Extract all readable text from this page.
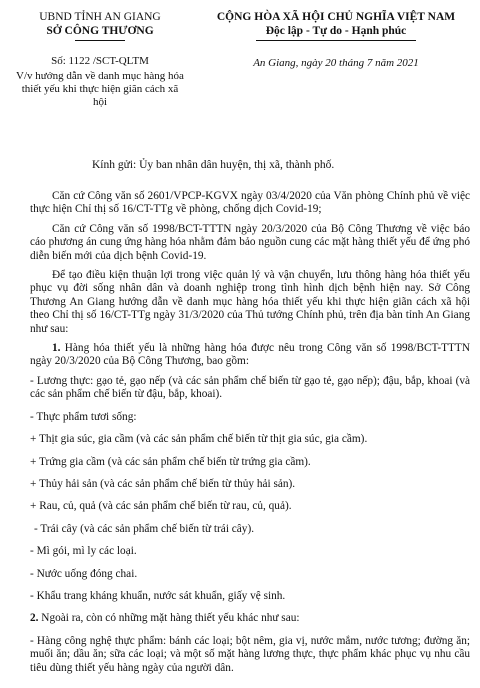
UBND TỈNH AN GIANG
SỞ CÔNG THƯƠNG
Số: 1122 /SCT-QLTM
V/v hướng dẫn về danh mục hàng hóa thiết yếu khi thực hiện giãn cách xã hội
CỘNG HÒA XÃ HỘI CHỦ NGHĨA VIỆT NAM
Độc lập - Tự do - Hạnh phúc
An Giang, ngày 20 tháng 7 năm 2021
Kính gửi: Ủy ban nhân dân huyện, thị xã, thành phố.

Căn cứ Công văn số 2601/VPCP-KGVX ngày 03/4/2020 của Văn phòng Chính phủ về việc thực hiện Chỉ thị số 16/CT-TTg về phòng, chống dịch Covid-19;

Căn cứ Công văn số 1998/BCT-TTTN ngày 20/3/2020 của Bộ Công Thương về việc báo cáo phương án cung ứng hàng hóa nhằm đảm bảo nguồn cung các mặt hàng thiết yếu để ứng phó diễn biến mới của dịch bệnh Covid-19.

Để tạo điều kiện thuận lợi trong việc quản lý và vận chuyển, lưu thông hàng hóa thiết yếu phục vụ đời sống nhân dân và doanh nghiệp trong tình hình dịch bệnh hiện nay. Sở Công Thương An Giang hướng dẫn về danh mục hàng hóa thiết yếu khi thực hiện giãn cách xã hội theo Chỉ thị số 16/CT-TTg ngày 31/3/2020 của Thủ tướng Chính phủ, trên địa bàn tỉnh An Giang như sau:

1. Hàng hóa thiết yếu là những hàng hóa được nêu trong Công văn số 1998/BCT-TTTN ngày 20/3/2020 của Bộ Công Thương, bao gồm:

- Lương thực: gạo tẻ, gạo nếp (và các sản phẩm chế biến từ gạo tẻ, gạo nếp); đậu, bắp, khoai (và các sản phẩm chế biến từ đậu, bắp, khoai).

- Thực phẩm tươi sống:

+ Thịt gia súc, gia cầm (và các sản phẩm chế biến từ thịt gia súc, gia cầm).

+ Trứng gia cầm (và các sản phẩm chế biến từ trứng gia cầm).

+ Thủy hải sản (và các sản phẩm chế biến từ thủy hải sản).

+ Rau, củ, quả (và các sản phẩm chế biến từ rau, củ, quả).

- Trái cây (và các sản phẩm chế biến từ trái cây).

- Mì gói, mì ly các loại.

- Nước uống đóng chai.

- Khẩu trang kháng khuẩn, nước sát khuẩn, giấy vệ sinh.

2. Ngoài ra, còn có những mặt hàng thiết yếu khác như sau:

- Hàng công nghệ thực phẩm: bánh các loại; bột nêm, gia vị, nước mắm, nước tương; đường ăn; muối ăn; dầu ăn; sữa các loại; và một số mặt hàng lương thực, thực phẩm khác phục vụ nhu cầu tiêu dùng thiết yếu hàng ngày của người dân.
